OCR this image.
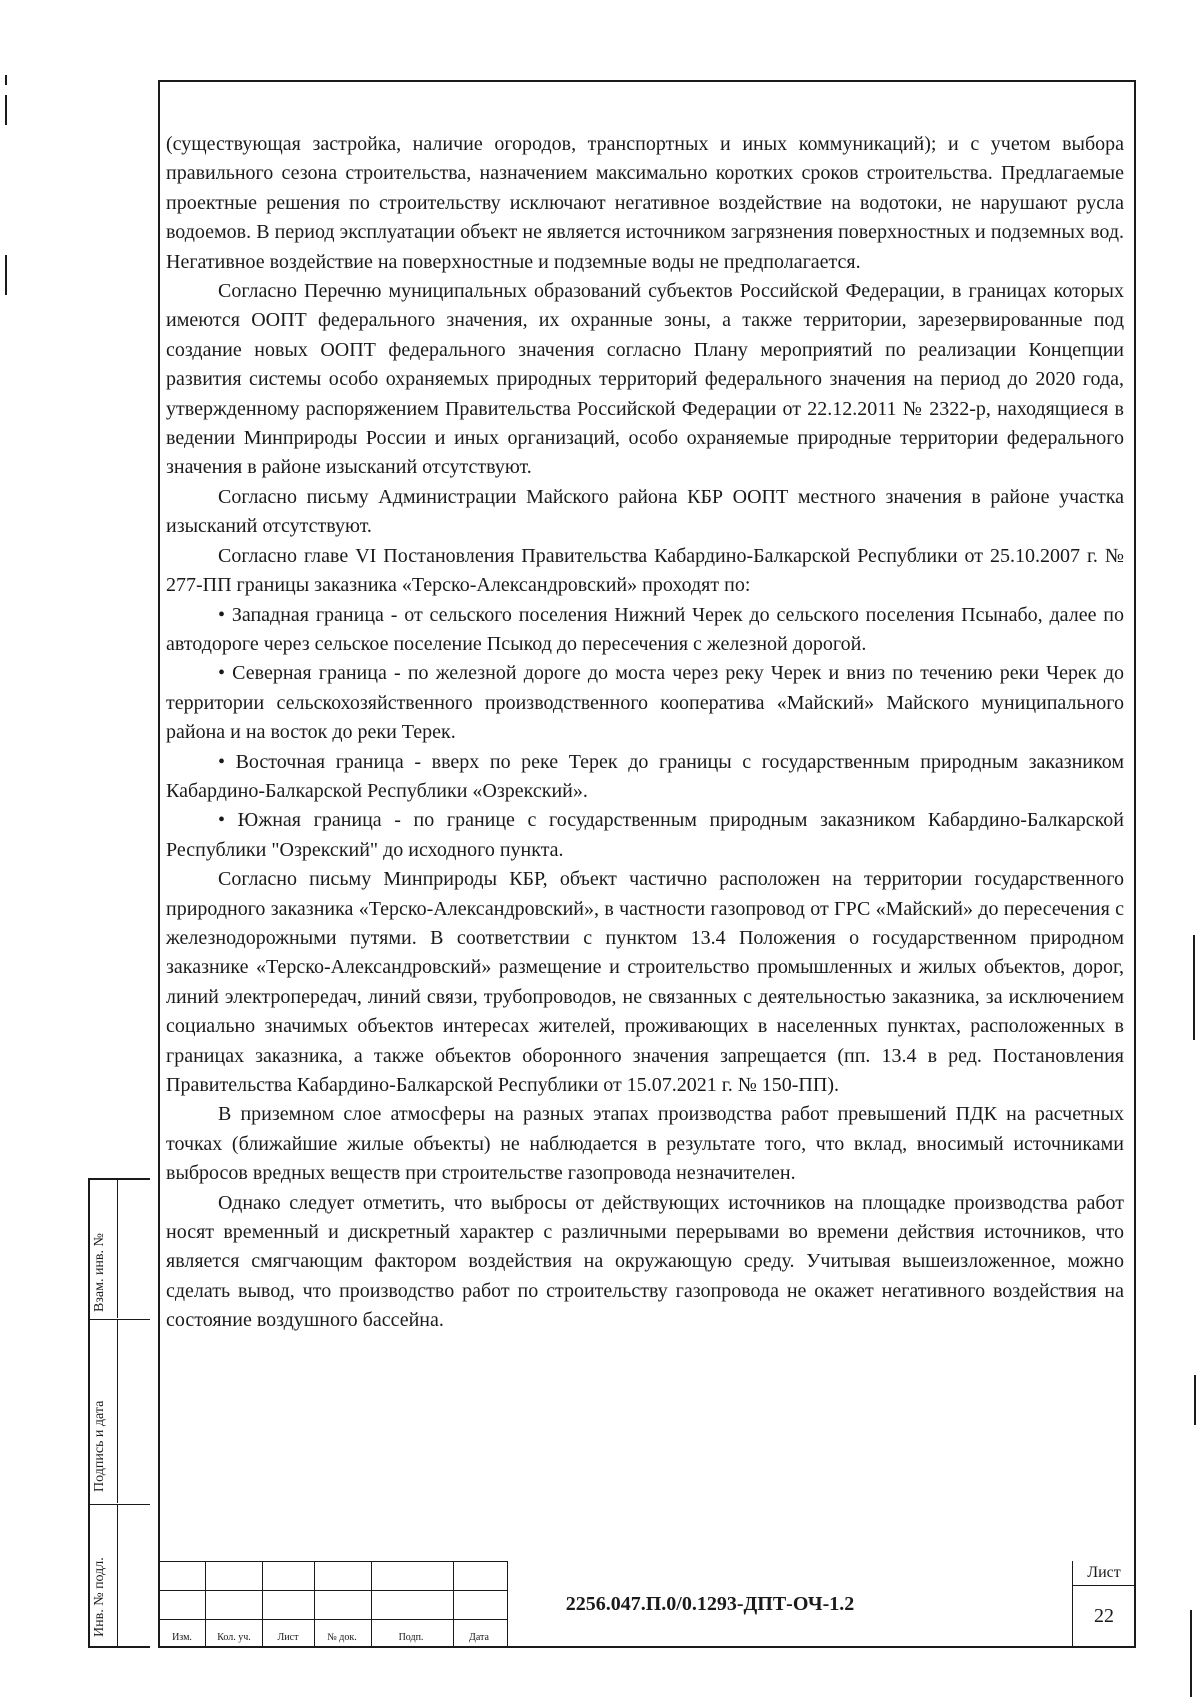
(существующая застройка, наличие огородов, транспортных и иных коммуникаций); и с учетом выбора правильного сезона строительства, назначением максимально коротких сроков строительства. Предлагаемые проектные решения по строительству исключают негативное воздействие на водотоки, не нарушают русла водоемов. В период эксплуатации объект не является источником загрязнения поверхностных и подземных вод. Негативное воздействие на поверхностные и подземные воды не предполагается.

Согласно Перечню муниципальных образований субъектов Российской Федерации, в границах которых имеются ООПТ федерального значения, их охранные зоны, а также территории, зарезервированные под создание новых ООПТ федерального значения согласно Плану мероприятий по реализации Концепции развития системы особо охраняемых природных территорий федерального значения на период до 2020 года, утвержденному распоряжением Правительства Российской Федерации от 22.12.2011 № 2322-р, находящиеся в ведении Минприроды России и иных организаций, особо охраняемые природные территории федерального значения в районе изысканий отсутствуют.

Согласно письму Администрации Майского района КБР ООПТ местного значения в районе участка изысканий отсутствуют.

Согласно главе VI Постановления Правительства Кабардино-Балкарской Республики от 25.10.2007 г. № 277-ПП границы заказника «Терско-Александровский» проходят по:

• Западная граница - от сельского поселения Нижний Черек до сельского поселения Псынабо, далее по автодороге через сельское поселение Псыкод до пересечения с железной дорогой.

• Северная граница - по железной дороге до моста через реку Черек и вниз по течению реки Черек до территории сельскохозяйственного производственного кооператива «Майский» Майского муниципального района и на восток до реки Терек.

• Восточная граница - вверх по реке Терек до границы с государственным природным заказником Кабардино-Балкарской Республики «Озрекский».

• Южная граница - по границе с государственным природным заказником Кабардино-Балкарской Республики "Озрекский" до исходного пункта.

Согласно письму Минприроды КБР, объект частично расположен на территории государственного природного заказника «Терско-Александровский», в частности газопровод от ГРС «Майский» до пересечения с железнодорожными путями. В соответствии с пунктом 13.4 Положения о государственном природном заказнике «Терско-Александровский» размещение и строительство промышленных и жилых объектов, дорог, линий электропередач, линий связи, трубопроводов, не связанных с деятельностью заказника, за исключением социально значимых объектов интересах жителей, проживающих в населенных пунктах, расположенных в границах заказника, а также объектов оборонного значения запрещается (пп. 13.4 в ред. Постановления Правительства Кабардино-Балкарской Республики от 15.07.2021 г. № 150-ПП).

В приземном слое атмосферы на разных этапах производства работ превышений ПДК на расчетных точках (ближайшие жилые объекты) не наблюдается в результате того, что вклад, вносимый источниками выбросов вредных веществ при строительстве газопровода незначителен.

Однако следует отметить, что выбросы от действующих источников на площадке производства работ носят временный и дискретный характер с различными перерывами во времени действия источников, что является смягчающим фактором воздействия на окружающую среду. Учитывая вышеизложенное, можно сделать вывод, что производство работ по строительству газопровода не окажет негативного воздействия на состояние воздушного бассейна.

Взам. инв. №
Подпись и дата
Инв. № подл.

Изм.	Кол. уч.	Лист	№ док.	Подп.	Дата
2256.047.П.0/0.1293-ДПТ-ОЧ-1.2
Лист
22
